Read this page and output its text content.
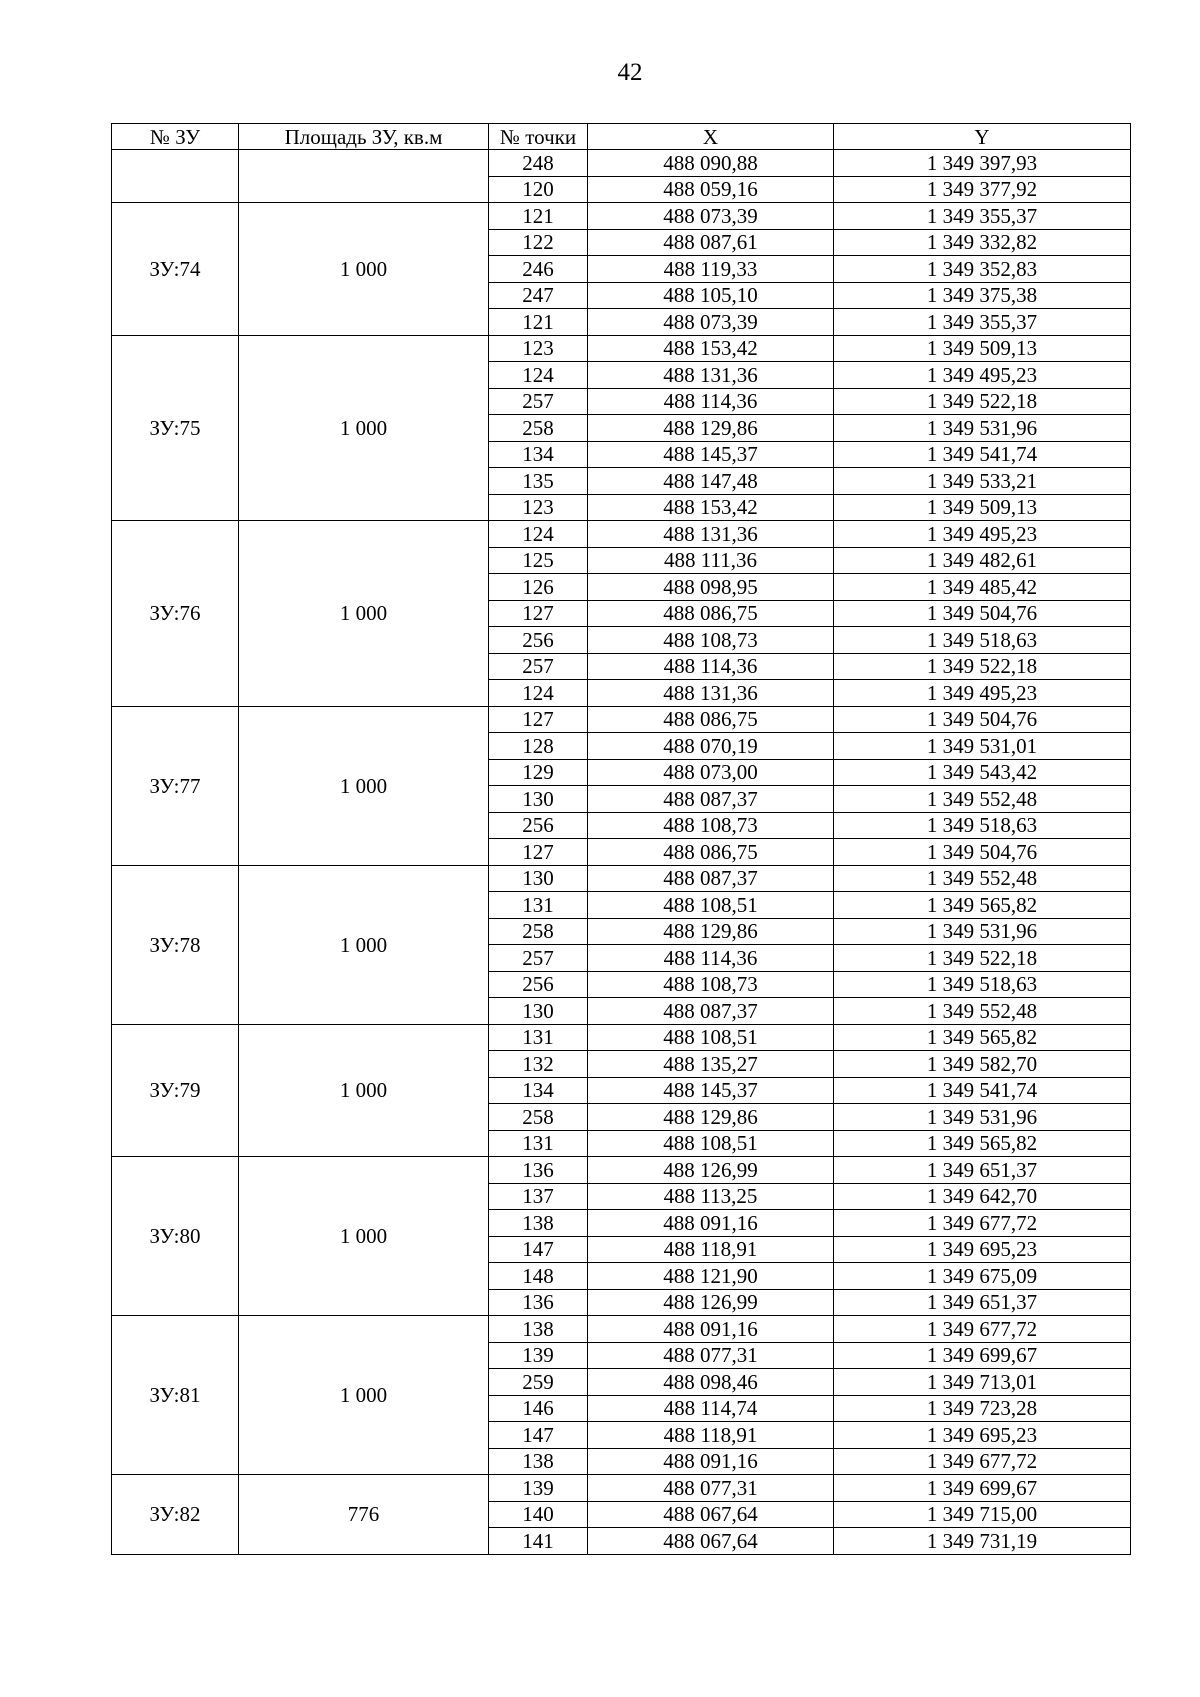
42
№ ЗУ	Площадь ЗУ, кв.м	№ точки	X	Y
		248	488 090,88	1 349 397,93
		120	488 059,16	1 349 377,92
ЗУ:74	1 000	121	488 073,39	1 349 355,37
		122	488 087,61	1 349 332,82
		246	488 119,33	1 349 352,83
		247	488 105,10	1 349 375,38
		121	488 073,39	1 349 355,37
ЗУ:75	1 000	123	488 153,42	1 349 509,13
		124	488 131,36	1 349 495,23
		257	488 114,36	1 349 522,18
		258	488 129,86	1 349 531,96
		134	488 145,37	1 349 541,74
		135	488 147,48	1 349 533,21
		123	488 153,42	1 349 509,13
ЗУ:76	1 000	124	488 131,36	1 349 495,23
		125	488 111,36	1 349 482,61
		126	488 098,95	1 349 485,42
		127	488 086,75	1 349 504,76
		256	488 108,73	1 349 518,63
		257	488 114,36	1 349 522,18
		124	488 131,36	1 349 495,23
ЗУ:77	1 000	127	488 086,75	1 349 504,76
		128	488 070,19	1 349 531,01
		129	488 073,00	1 349 543,42
		130	488 087,37	1 349 552,48
		256	488 108,73	1 349 518,63
		127	488 086,75	1 349 504,76
ЗУ:78	1 000	130	488 087,37	1 349 552,48
		131	488 108,51	1 349 565,82
		258	488 129,86	1 349 531,96
		257	488 114,36	1 349 522,18
		256	488 108,73	1 349 518,63
		130	488 087,37	1 349 552,48
ЗУ:79	1 000	131	488 108,51	1 349 565,82
		132	488 135,27	1 349 582,70
		134	488 145,37	1 349 541,74
		258	488 129,86	1 349 531,96
		131	488 108,51	1 349 565,82
ЗУ:80	1 000	136	488 126,99	1 349 651,37
		137	488 113,25	1 349 642,70
		138	488 091,16	1 349 677,72
		147	488 118,91	1 349 695,23
		148	488 121,90	1 349 675,09
		136	488 126,99	1 349 651,37
ЗУ:81	1 000	138	488 091,16	1 349 677,72
		139	488 077,31	1 349 699,67
		259	488 098,46	1 349 713,01
		146	488 114,74	1 349 723,28
		147	488 118,91	1 349 695,23
		138	488 091,16	1 349 677,72
ЗУ:82	776	139	488 077,31	1 349 699,67
		140	488 067,64	1 349 715,00
		141	488 067,64	1 349 731,19
